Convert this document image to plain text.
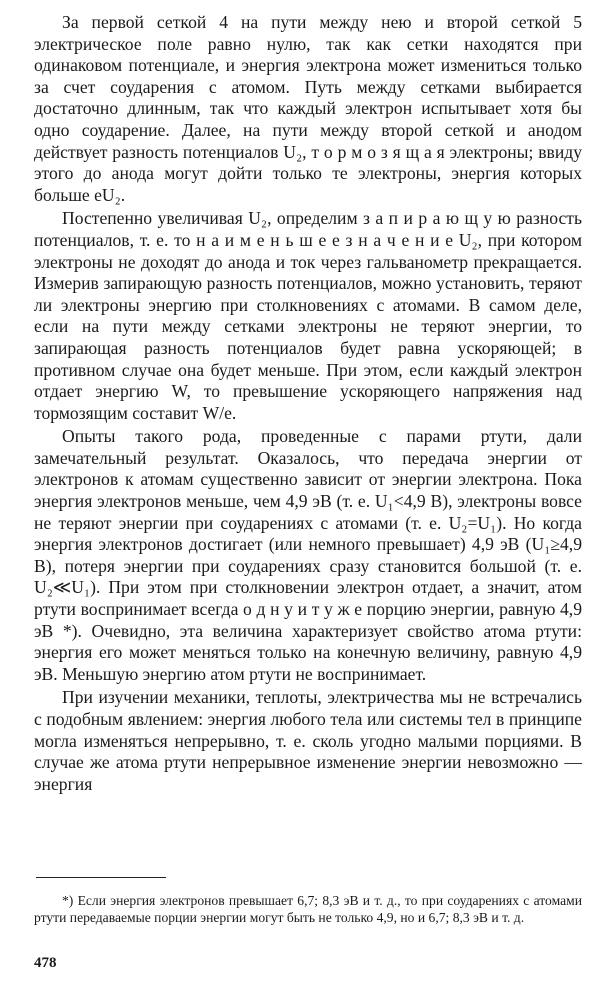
За первой сеткой 4 на пути между нею и второй сеткой 5 электрическое поле равно нулю, так как сетки находятся при одинаковом потенциале, и энергия электрона может измениться только за счет соударения с атомом. Путь между сетками выбирается достаточно длинным, так что каждый электрон испытывает хотя бы одно соударение. Далее, на пути между второй сеткой и анодом действует разность потенциалов U₂, т о р м о з я щ а я электроны; ввиду этого до анода могут дойти только те электроны, энергия которых больше eU₂.

Постепенно увеличивая U₂, определим з а п и р а ю щ у ю разность потенциалов, т. е. то н а и м е н ь ш е е з н а ч е н и е U₂, при котором электроны не доходят до анода и ток через гальванометр прекращается. Измерив запирающую разность потенциалов, можно установить, теряют ли электроны энергию при столкновениях с атомами. В самом деле, если на пути между сетками электроны не теряют энергии, то запирающая разность потенциалов будет равна ускоряющей; в противном случае она будет меньше. При этом, если каждый электрон отдает энергию W, то превышение ускоряющего напряжения над тормозящим составит W/e.

Опыты такого рода, проведенные с парами ртути, дали замечательный результат. Оказалось, что передача энергии от электронов к атомам существенно зависит от энергии электрона. Пока энергия электронов меньше, чем 4,9 эВ (т. е. U₁<4,9 В), электроны вовсе не теряют энергии при соударениях с атомами (т. е. U₂=U₁). Но когда энергия электронов достигает (или немного превышает) 4,9 эВ (U₁≥4,9 В), потеря энергии при соударениях сразу становится большой (т. е. U₂≪U₁). При этом при столкновении электрон отдает, а значит, атом ртути воспринимает всегда о д н у и т у ж е порцию энергии, равную 4,9 эВ *). Очевидно, эта величина характеризует свойство атома ртути: энергия его может меняться только на конечную величину, равную 4,9 эВ. Меньшую энергию атом ртути не воспринимает.

При изучении механики, теплоты, электричества мы не встречались с подобным явлением: энергия любого тела или системы тел в принципе могла изменяться непрерывно, т. е. сколь угодно малыми порциями. В случае же атома ртути непрерывное изменение энергии невозможно — энергия

*) Если энергия электронов превышает 6,7; 8,3 эВ и т. д., то при соударениях с атомами ртути передаваемые порции энергии могут быть не только 4,9, но и 6,7; 8,3 эВ и т. д.

478
